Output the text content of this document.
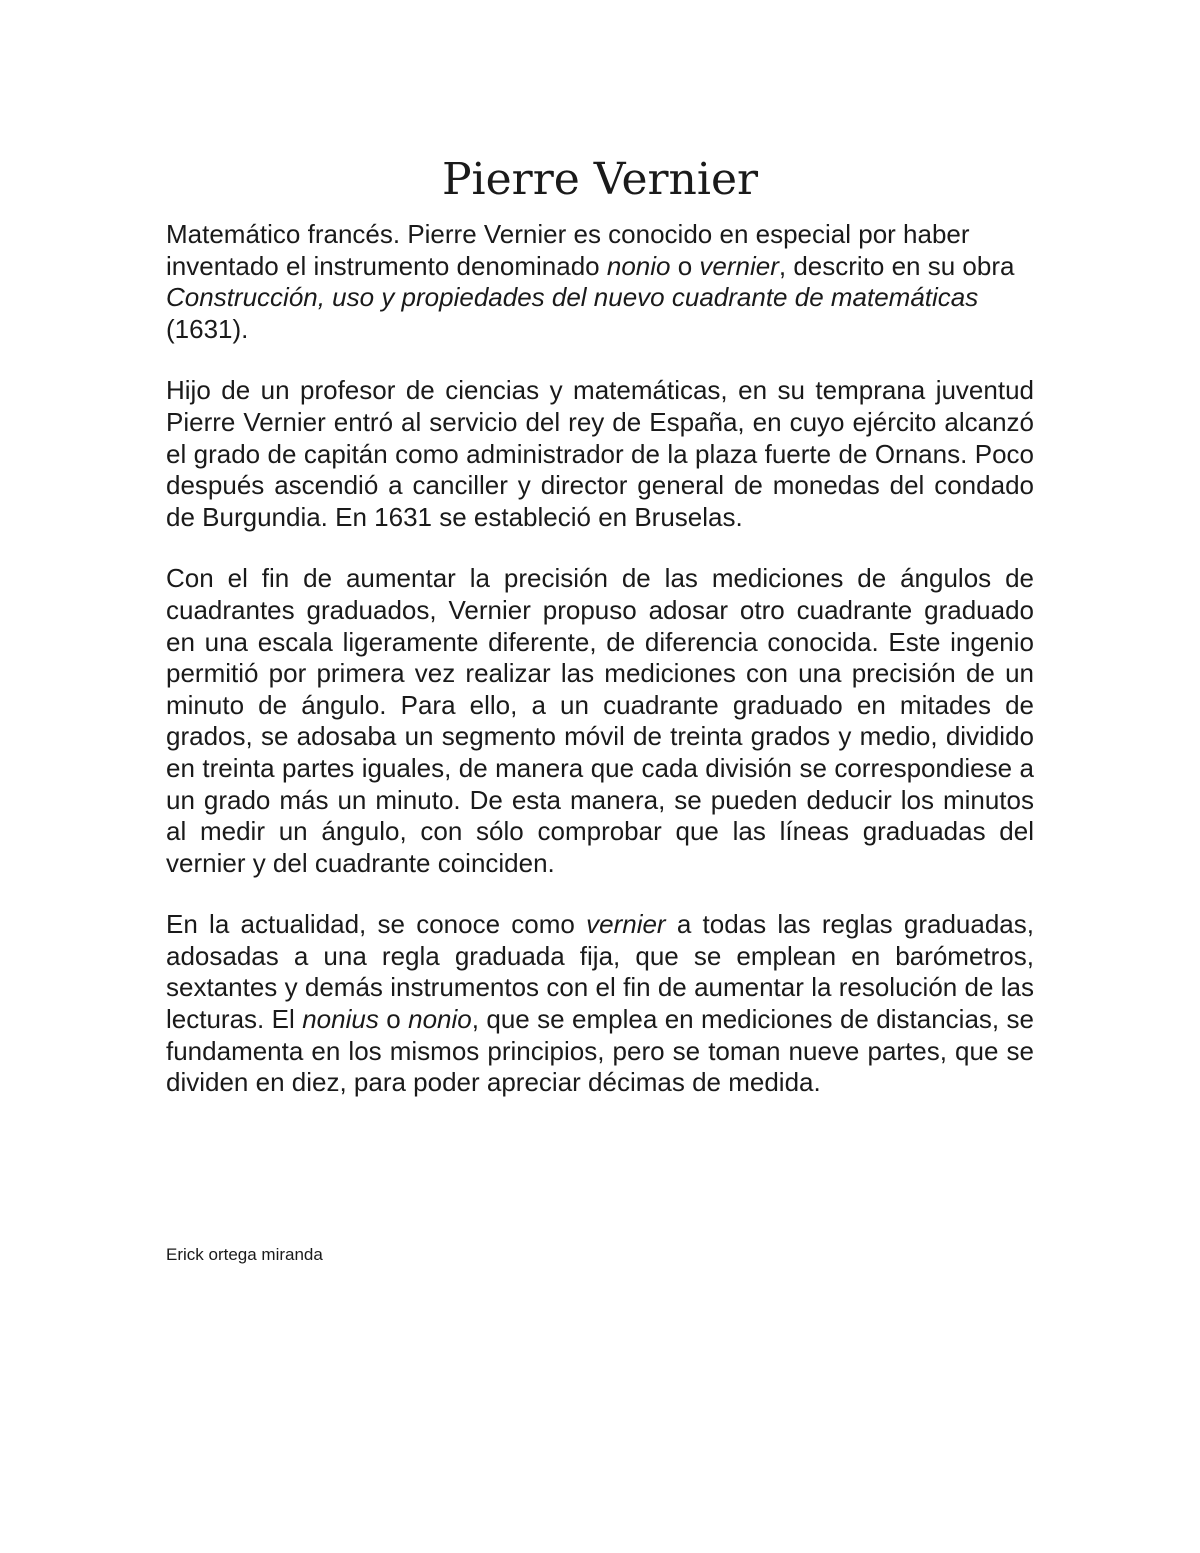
Pierre Vernier

Matemático francés. Pierre Vernier es conocido en especial por haber inventado el instrumento denominado nonio o vernier, descrito en su obra Construcción, uso y propiedades del nuevo cuadrante de matemáticas (1631).

Hijo de un profesor de ciencias y matemáticas, en su temprana juventud Pierre Vernier entró al servicio del rey de España, en cuyo ejército alcanzó el grado de capitán como administrador de la plaza fuerte de Ornans. Poco después ascendió a canciller y director general de monedas del condado de Burgundia. En 1631 se estableció en Bruselas.

Con el fin de aumentar la precisión de las mediciones de ángulos de cuadrantes graduados, Vernier propuso adosar otro cuadrante graduado en una escala ligeramente diferente, de diferencia conocida. Este ingenio permitió por primera vez realizar las mediciones con una precisión de un minuto de ángulo. Para ello, a un cuadrante graduado en mitades de grados, se adosaba un segmento móvil de treinta grados y medio, dividido en treinta partes iguales, de manera que cada división se correspondiese a un grado más un minuto. De esta manera, se pueden deducir los minutos al medir un ángulo, con sólo comprobar que las líneas graduadas del vernier y del cuadrante coinciden.

En la actualidad, se conoce como vernier a todas las reglas graduadas, adosadas a una regla graduada fija, que se emplean en barómetros, sextantes y demás instrumentos con el fin de aumentar la resolución de las lecturas. El nonius o nonio, que se emplea en mediciones de distancias, se fundamenta en los mismos principios, pero se toman nueve partes, que se dividen en diez, para poder apreciar décimas de medida.

Erick ortega miranda
